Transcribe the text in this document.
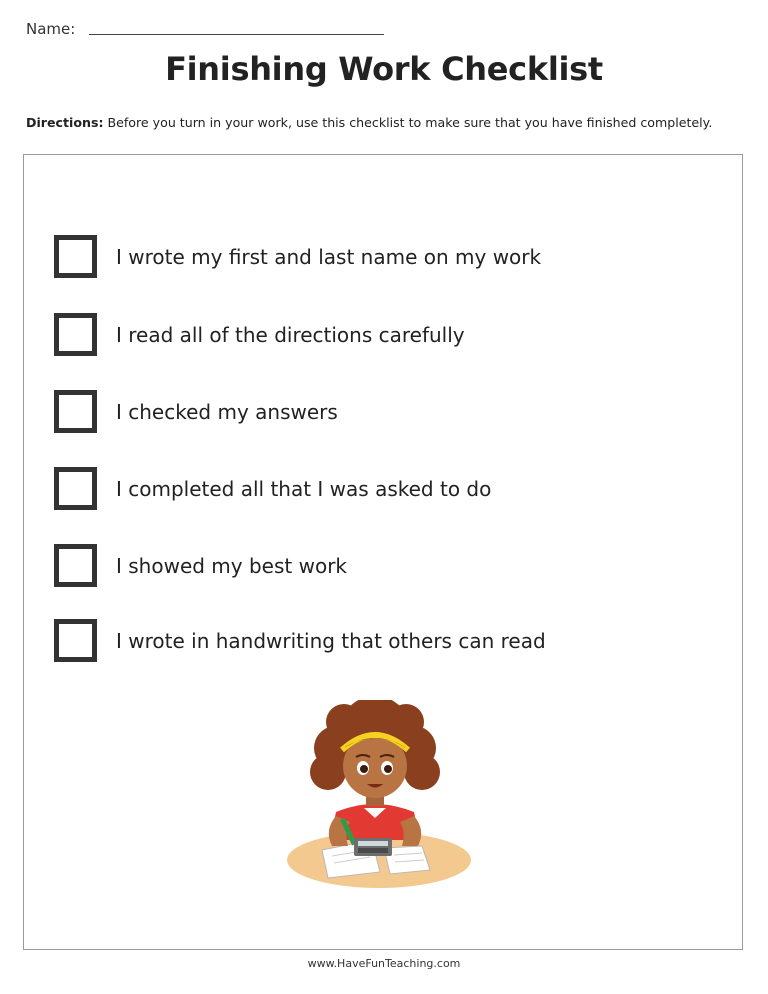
Name:
Finishing Work Checklist
Directions: Before you turn in your work, use this checklist to make sure that you have finished completely.
I wrote my first and last name on my work
I read all of the directions carefully
I checked my answers
I completed all that I was asked to do
I showed my best work
I wrote in handwriting that others can read
www.HaveFunTeaching.com
